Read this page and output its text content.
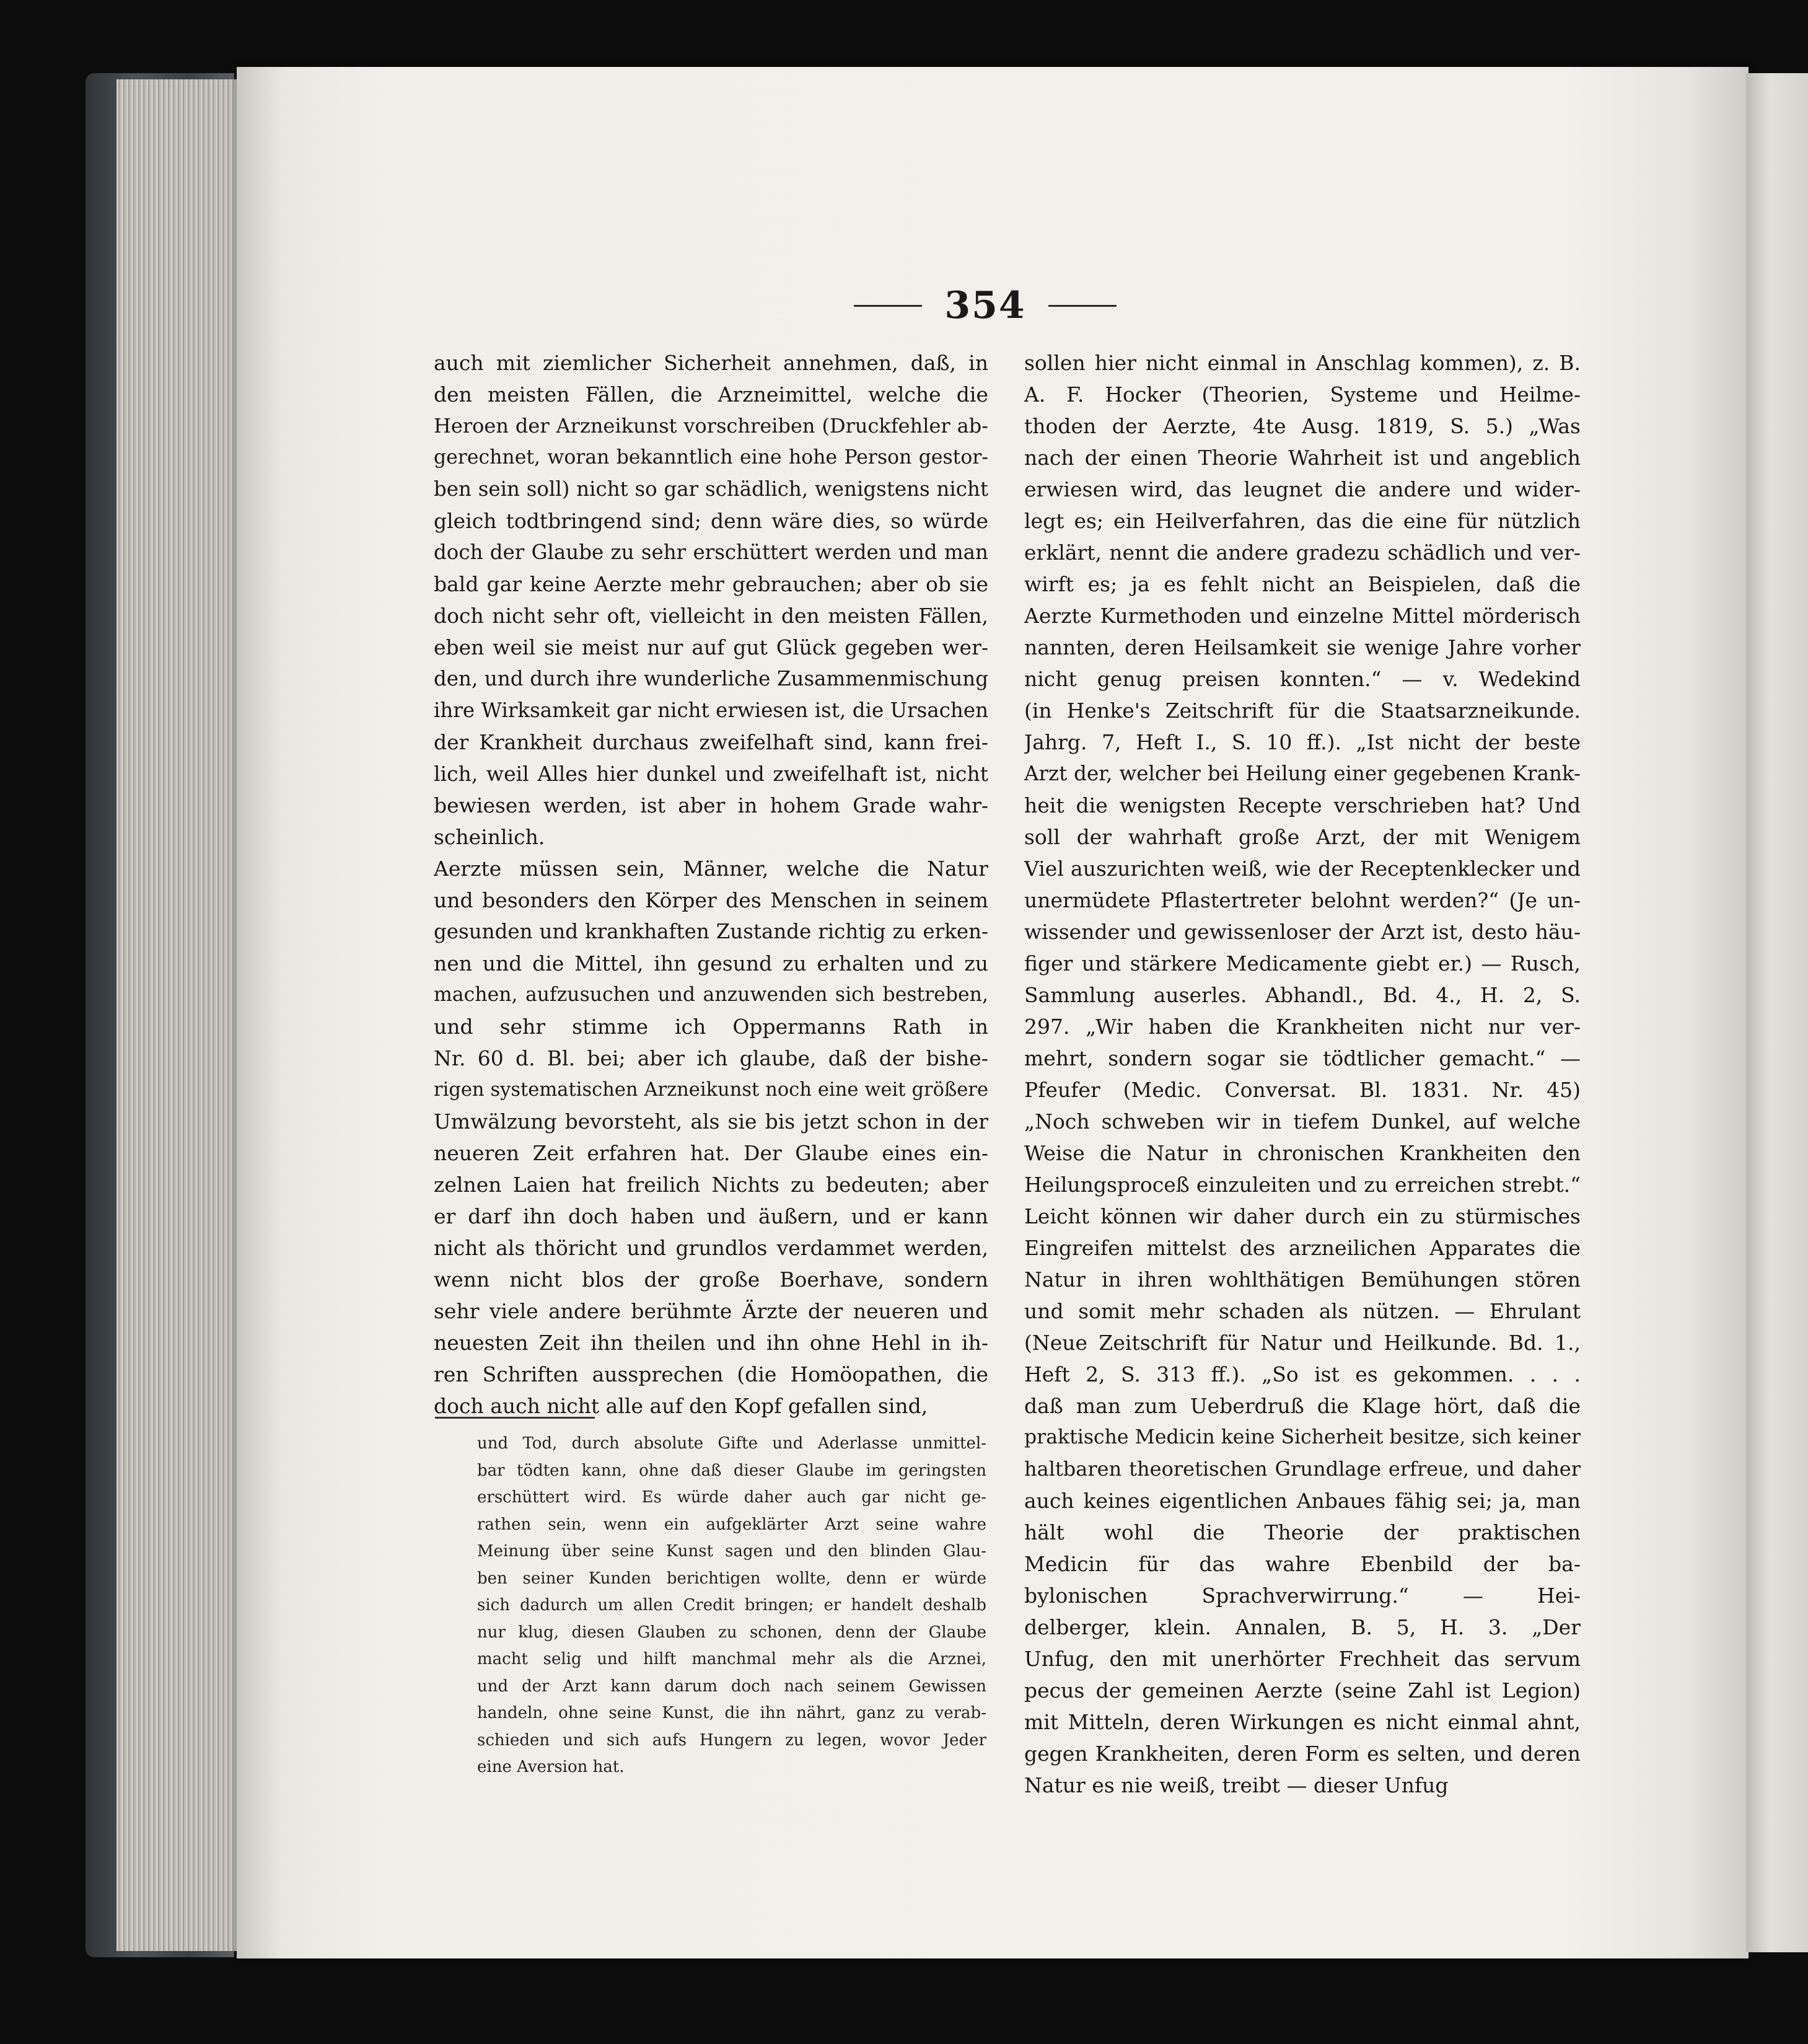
354
auch mit ziemlicher Sicherheit annehmen, daß, in
den meisten Fällen, die Arzneimittel, welche die
Heroen der Arzneikunst vorschreiben (Druckfehler ab-
gerechnet, woran bekanntlich eine hohe Person gestor-
ben sein soll) nicht so gar schädlich, wenigstens nicht
gleich todtbringend sind; denn wäre dies, so würde
doch der Glaube zu sehr erschüttert werden und man
bald gar keine Aerzte mehr gebrauchen; aber ob sie
doch nicht sehr oft, vielleicht in den meisten Fällen,
eben weil sie meist nur auf gut Glück gegeben wer-
den, und durch ihre wunderliche Zusammenmischung
ihre Wirksamkeit gar nicht erwiesen ist, die Ursachen
der Krankheit durchaus zweifelhaft sind, kann frei-
lich, weil Alles hier dunkel und zweifelhaft ist, nicht
bewiesen werden, ist aber in hohem Grade wahr-
scheinlich.
Aerzte müssen sein, Männer, welche die Natur
und besonders den Körper des Menschen in seinem
gesunden und krankhaften Zustande richtig zu erken-
nen und die Mittel, ihn gesund zu erhalten und zu
machen, aufzusuchen und anzuwenden sich bestreben,
und sehr stimme ich Oppermanns Rath in
Nr. 60 d. Bl. bei; aber ich glaube, daß der bishe-
rigen systematischen Arzneikunst noch eine weit größere
Umwälzung bevorsteht, als sie bis jetzt schon in der
neueren Zeit erfahren hat. Der Glaube eines ein-
zelnen Laien hat freilich Nichts zu bedeuten; aber
er darf ihn doch haben und äußern, und er kann
nicht als thöricht und grundlos verdammet werden,
wenn nicht blos der große Boerhave, sondern
sehr viele andere berühmte Ärzte der neueren und
neuesten Zeit ihn theilen und ihn ohne Hehl in ih-
ren Schriften aussprechen (die Homöopathen, die
doch auch nicht alle auf den Kopf gefallen sind,
und Tod, durch absolute Gifte und Aderlasse unmittel-
bar tödten kann, ohne daß dieser Glaube im geringsten
erschüttert wird. Es würde daher auch gar nicht ge-
rathen sein, wenn ein aufgeklärter Arzt seine wahre
Meinung über seine Kunst sagen und den blinden Glau-
ben seiner Kunden berichtigen wollte, denn er würde
sich dadurch um allen Credit bringen; er handelt deshalb
nur klug, diesen Glauben zu schonen, denn der Glaube
macht selig und hilft manchmal mehr als die Arznei,
und der Arzt kann darum doch nach seinem Gewissen
handeln, ohne seine Kunst, die ihn nährt, ganz zu verab-
schieden und sich aufs Hungern zu legen, wovor Jeder
eine Aversion hat.
sollen hier nicht einmal in Anschlag kommen), z. B.
A. F. Hocker (Theorien, Systeme und Heilme-
thoden der Aerzte, 4te Ausg. 1819, S. 5.) „Was
nach der einen Theorie Wahrheit ist und angeblich
erwiesen wird, das leugnet die andere und wider-
legt es; ein Heilverfahren, das die eine für nützlich
erklärt, nennt die andere gradezu schädlich und ver-
wirft es; ja es fehlt nicht an Beispielen, daß die
Aerzte Kurmethoden und einzelne Mittel mörderisch
nannten, deren Heilsamkeit sie wenige Jahre vorher
nicht genug preisen konnten.“ — v. Wedekind
(in Henke's Zeitschrift für die Staatsarzneikunde.
Jahrg. 7, Heft I., S. 10 ff.). „Ist nicht der beste
Arzt der, welcher bei Heilung einer gegebenen Krank-
heit die wenigsten Recepte verschrieben hat? Und
soll der wahrhaft große Arzt, der mit Wenigem
Viel auszurichten weiß, wie der Receptenklecker und
unermüdete Pflastertreter belohnt werden?“ (Je un-
wissender und gewissenloser der Arzt ist, desto häu-
figer und stärkere Medicamente giebt er.) — Rusch,
Sammlung auserles. Abhandl., Bd. 4., H. 2, S.
297. „Wir haben die Krankheiten nicht nur ver-
mehrt, sondern sogar sie tödtlicher gemacht.“ —
Pfeufer (Medic. Conversat. Bl. 1831. Nr. 45)
„Noch schweben wir in tiefem Dunkel, auf welche
Weise die Natur in chronischen Krankheiten den
Heilungsproceß einzuleiten und zu erreichen strebt.“
Leicht können wir daher durch ein zu stürmisches
Eingreifen mittelst des arzneilichen Apparates die
Natur in ihren wohlthätigen Bemühungen stören
und somit mehr schaden als nützen. — Ehrulant
(Neue Zeitschrift für Natur und Heilkunde. Bd. 1.,
Heft 2, S. 313 ff.). „So ist es gekommen. . . .
daß man zum Ueberdruß die Klage hört, daß die
praktische Medicin keine Sicherheit besitze, sich keiner
haltbaren theoretischen Grundlage erfreue, und daher
auch keines eigentlichen Anbaues fähig sei; ja, man
hält wohl die Theorie der praktischen
Medicin für das wahre Ebenbild der ba-
bylonischen Sprachverwirrung.“ — Hei-
delberger, klein. Annalen, B. 5, H. 3. „Der
Unfug, den mit unerhörter Frechheit das servum
pecus der gemeinen Aerzte (seine Zahl ist Legion)
mit Mitteln, deren Wirkungen es nicht einmal ahnt,
gegen Krankheiten, deren Form es selten, und deren
Natur es nie weiß, treibt — dieser Unfug
